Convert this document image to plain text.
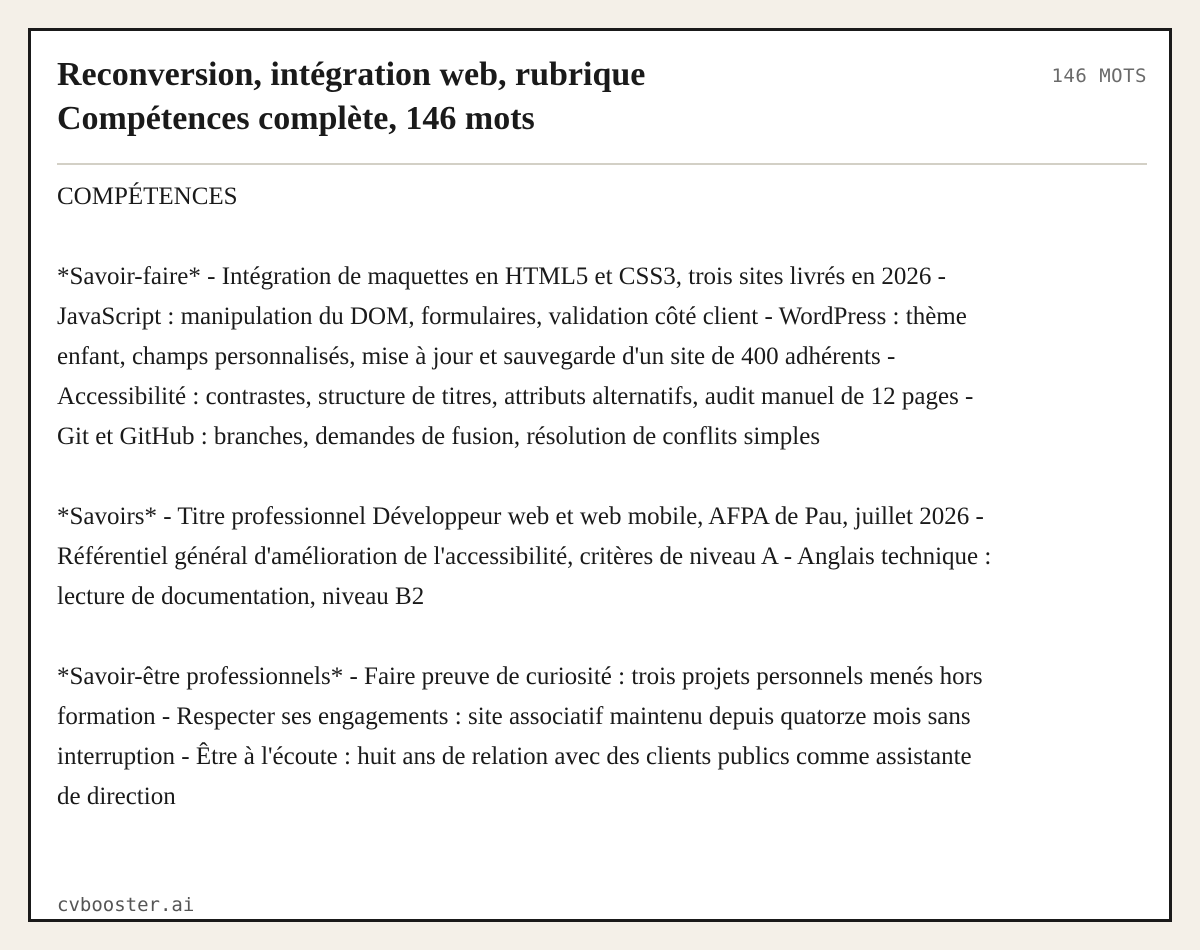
Reconversion, intégration web, rubrique Compétences complète, 146 mots
146 MOTS

COMPÉTENCES

*Savoir-faire* - Intégration de maquettes en HTML5 et CSS3, trois sites livrés en 2026 - JavaScript : manipulation du DOM, formulaires, validation côté client - WordPress : thème enfant, champs personnalisés, mise à jour et sauvegarde d'un site de 400 adhérents - Accessibilité : contrastes, structure de titres, attributs alternatifs, audit manuel de 12 pages - Git et GitHub : branches, demandes de fusion, résolution de conflits simples

*Savoirs* - Titre professionnel Développeur web et web mobile, AFPA de Pau, juillet 2026 - Référentiel général d'amélioration de l'accessibilité, critères de niveau A - Anglais technique : lecture de documentation, niveau B2

*Savoir-être professionnels* - Faire preuve de curiosité : trois projets personnels menés hors formation - Respecter ses engagements : site associatif maintenu depuis quatorze mois sans interruption - Être à l'écoute : huit ans de relation avec des clients publics comme assistante de direction

cvbooster.ai
